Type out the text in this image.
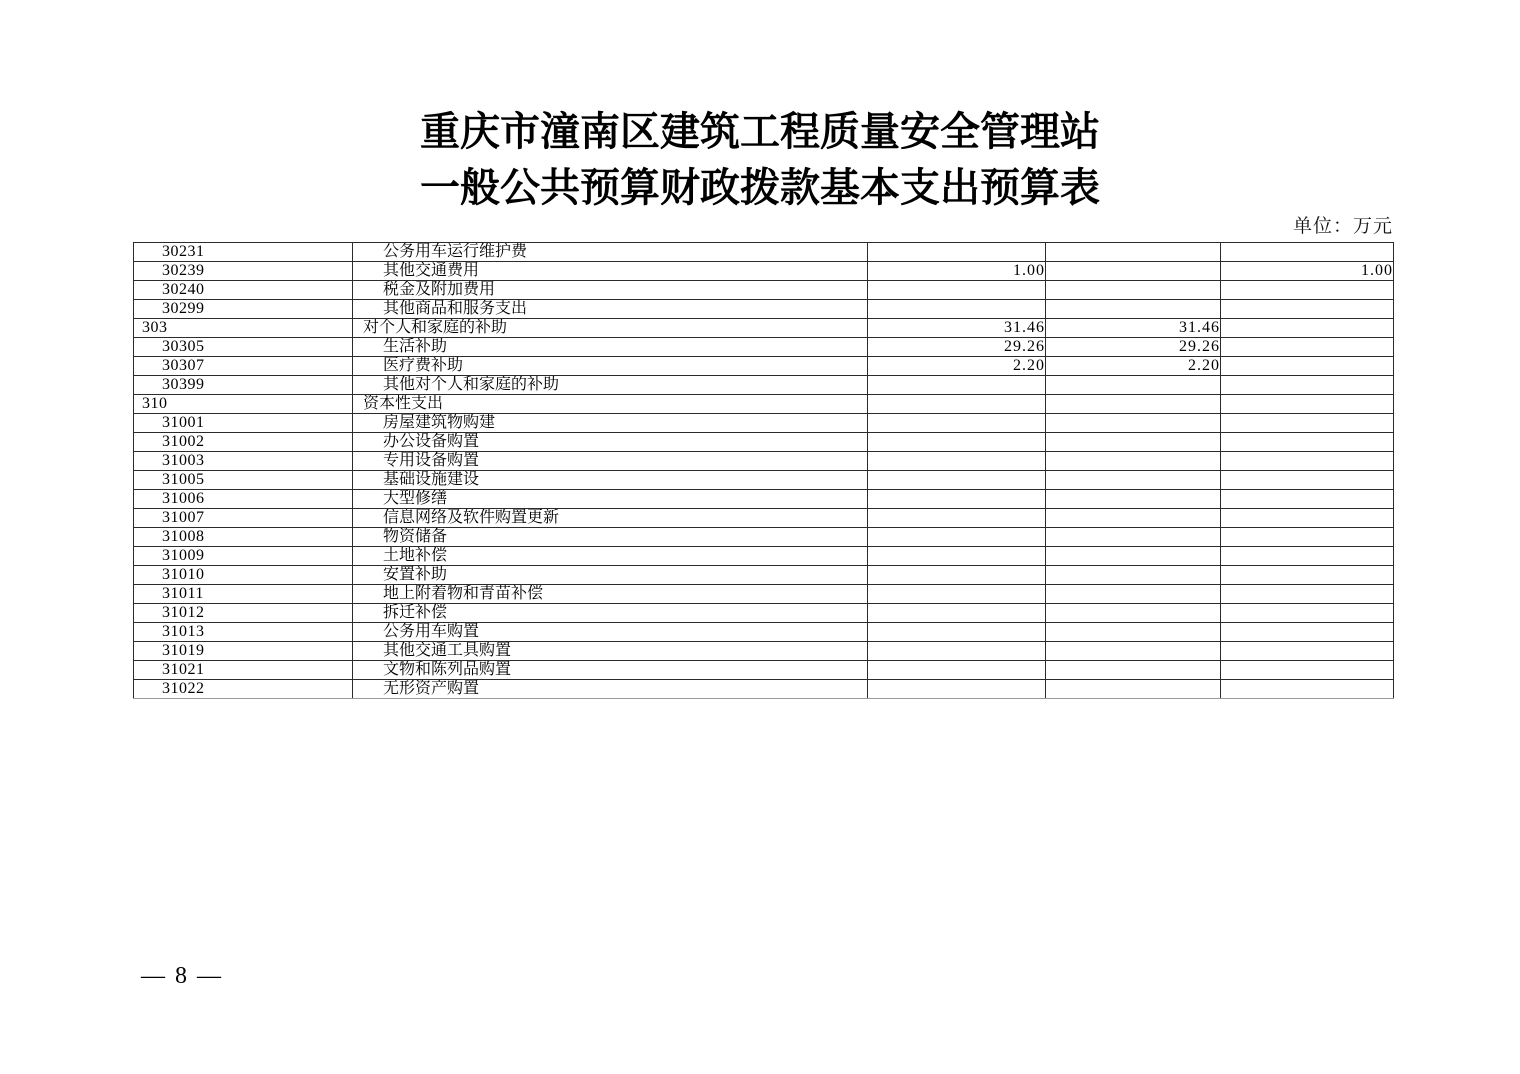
重庆市潼南区建筑工程质量安全管理站
一般公共预算财政拨款基本支出预算表
单位：万元
30231	公务用车运行维护费			
30239	其他交通费用	1.00		1.00
30240	税金及附加费用			
30299	其他商品和服务支出			
303	对个人和家庭的补助	31.46	31.46	
30305	生活补助	29.26	29.26	
30307	医疗费补助	2.20	2.20	
30399	其他对个人和家庭的补助			
310	资本性支出			
31001	房屋建筑物购建			
31002	办公设备购置			
31003	专用设备购置			
31005	基础设施建设			
31006	大型修缮			
31007	信息网络及软件购置更新			
31008	物资储备			
31009	土地补偿			
31010	安置补助			
31011	地上附着物和青苗补偿			
31012	拆迁补偿			
31013	公务用车购置			
31019	其他交通工具购置			
31021	文物和陈列品购置			
31022	无形资产购置			
— 8 —
